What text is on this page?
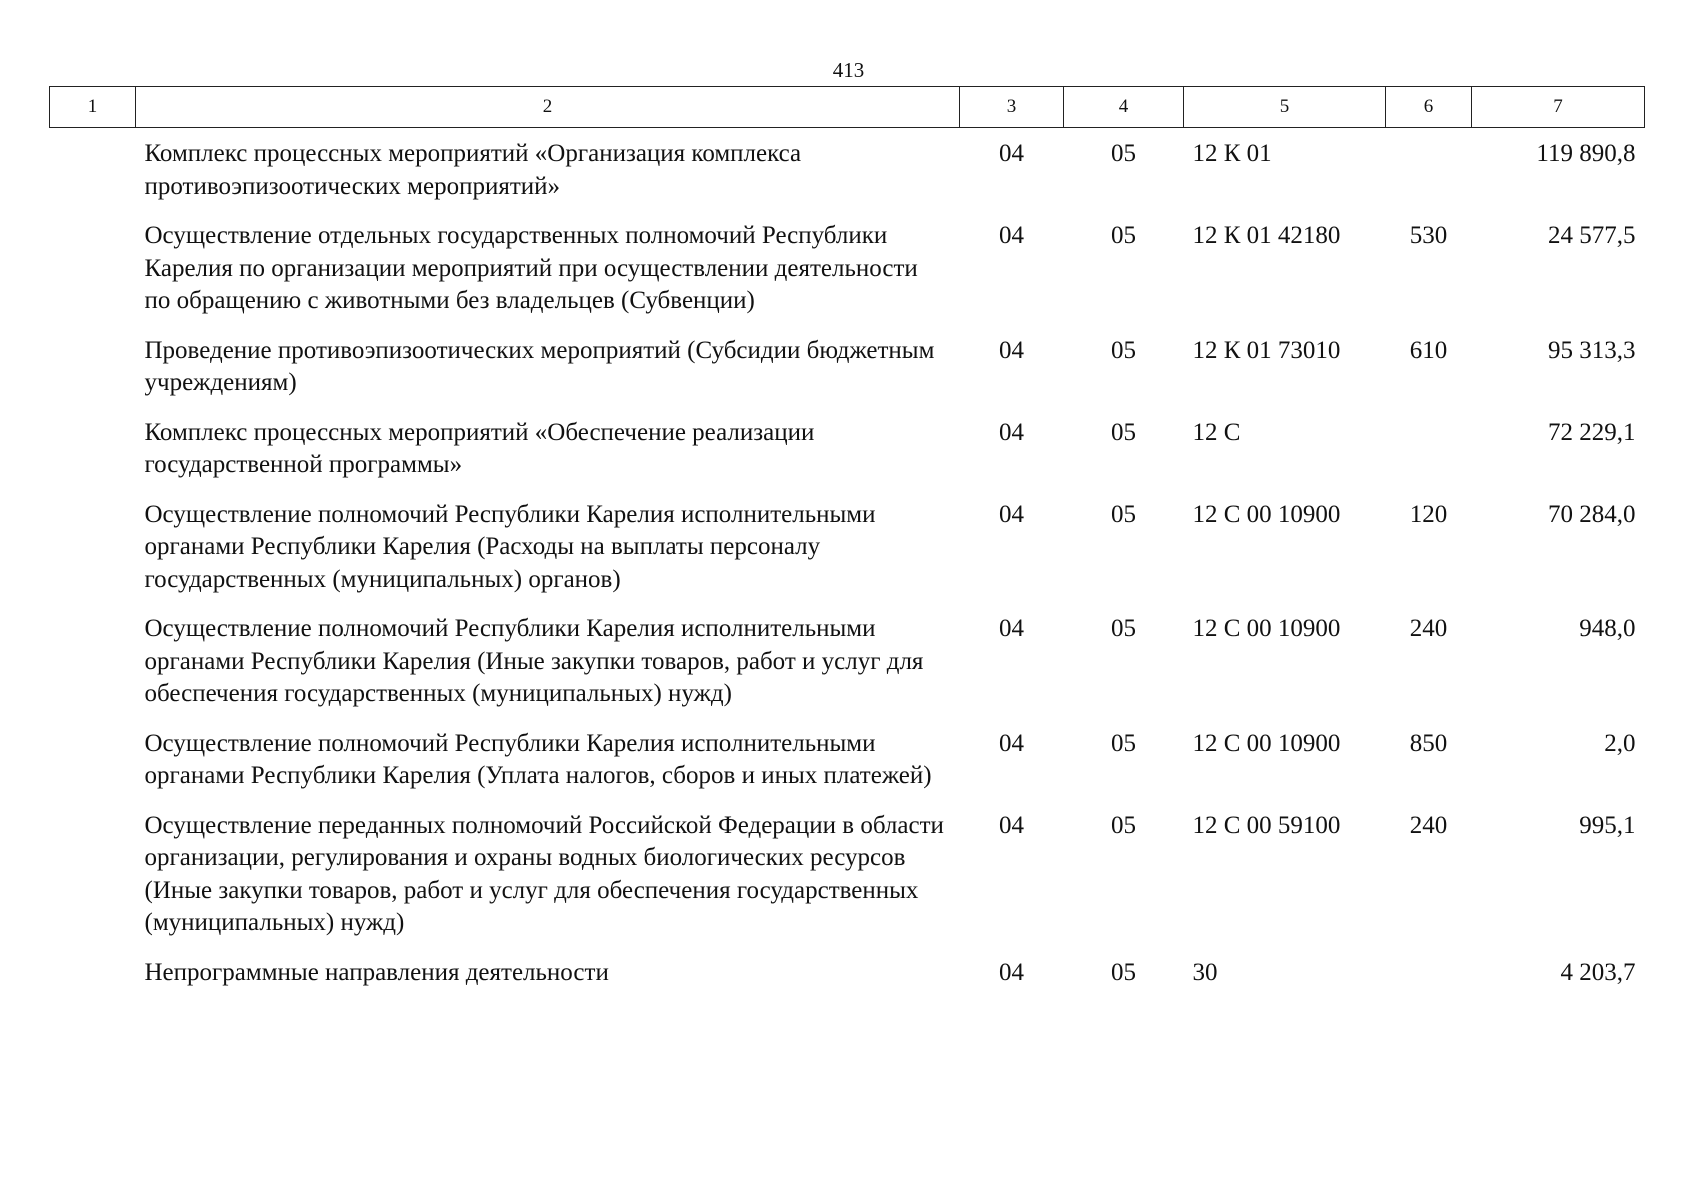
413
1	2	3	4	5	6	7
	Комплекс процессных мероприятий «Организация комплекса противоэпизоотических мероприятий»	04	05	12 К 01		119 890,8
	Осуществление отдельных государственных полномочий Республики Карелия по организации мероприятий при осуществлении деятельности по обращению с животными без владельцев (Субвенции)	04	05	12 К 01 42180	530	24 577,5
	Проведение противоэпизоотических мероприятий (Субсидии бюджетным учреждениям)	04	05	12 К 01 73010	610	95 313,3
	Комплекс процессных мероприятий «Обеспечение реализации государственной программы»	04	05	12 С		72 229,1
	Осуществление полномочий Республики Карелия исполнительными органами Республики Карелия (Расходы на выплаты персоналу государственных (муниципальных) органов)	04	05	12 С 00 10900	120	70 284,0
	Осуществление полномочий Республики Карелия исполнительными органами Республики Карелия (Иные закупки товаров, работ и услуг для обеспечения государственных (муниципальных) нужд)	04	05	12 С 00 10900	240	948,0
	Осуществление полномочий Республики Карелия исполнительными органами Республики Карелия (Уплата налогов, сборов и иных платежей)	04	05	12 С 00 10900	850	2,0
	Осуществление переданных полномочий Российской Федерации в области организации, регулирования и охраны водных биологических ресурсов (Иные закупки товаров, работ и услуг для обеспечения государственных (муниципальных) нужд)	04	05	12 С 00 59100	240	995,1
	Непрограммные направления деятельности	04	05	30		4 203,7
